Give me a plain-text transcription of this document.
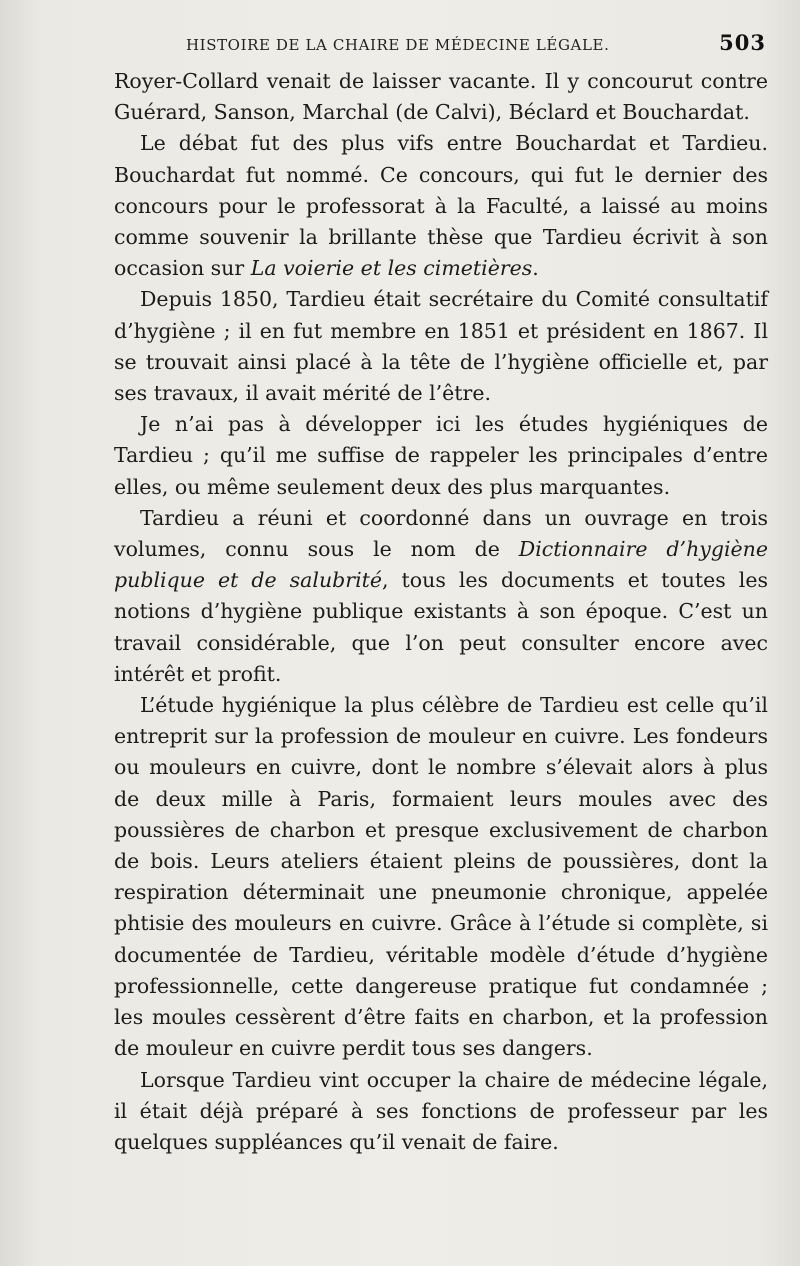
HISTOIRE DE LA CHAIRE DE MÉDECINE LÉGALE.	503

Royer-Collard venait de laisser vacante. Il y concourut contre Guérard, Sanson, Marchal (de Calvi), Béclard et Bouchardat.

Le débat fut des plus vifs entre Bouchardat et Tardieu. Bouchardat fut nommé. Ce concours, qui fut le dernier des concours pour le professorat à la Faculté, a laissé au moins comme souvenir la brillante thèse que Tardieu écrivit à son occasion sur La voierie et les cimetières.

Depuis 1850, Tardieu était secrétaire du Comité consultatif d’hygiène ; il en fut membre en 1851 et président en 1867. Il se trouvait ainsi placé à la tête de l’hygiène officielle et, par ses travaux, il avait mérité de l’être.

Je n’ai pas à développer ici les études hygiéniques de Tardieu ; qu’il me suffise de rappeler les principales d’entre elles, ou même seulement deux des plus marquantes.

Tardieu a réuni et coordonné dans un ouvrage en trois volumes, connu sous le nom de Dictionnaire d’hygiène publique et de salubrité, tous les documents et toutes les notions d’hygiène publique existants à son époque. C’est un travail considérable, que l’on peut consulter encore avec intérêt et profit.

L’étude hygiénique la plus célèbre de Tardieu est celle qu’il entreprit sur la profession de mouleur en cuivre. Les fondeurs ou mouleurs en cuivre, dont le nombre s’élevait alors à plus de deux mille à Paris, formaient leurs moules avec des poussières de charbon et presque exclusivement de charbon de bois. Leurs ateliers étaient pleins de poussières, dont la respiration déterminait une pneumonie chronique, appelée phtisie des mouleurs en cuivre. Grâce à l’étude si complète, si documentée de Tardieu, véritable modèle d’étude d’hygiène professionnelle, cette dangereuse pratique fut condamnée ; les moules cessèrent d’être faits en charbon, et la profession de mouleur en cuivre perdit tous ses dangers.

Lorsque Tardieu vint occuper la chaire de médecine légale, il était déjà préparé à ses fonctions de professeur par les quelques suppléances qu’il venait de faire.
